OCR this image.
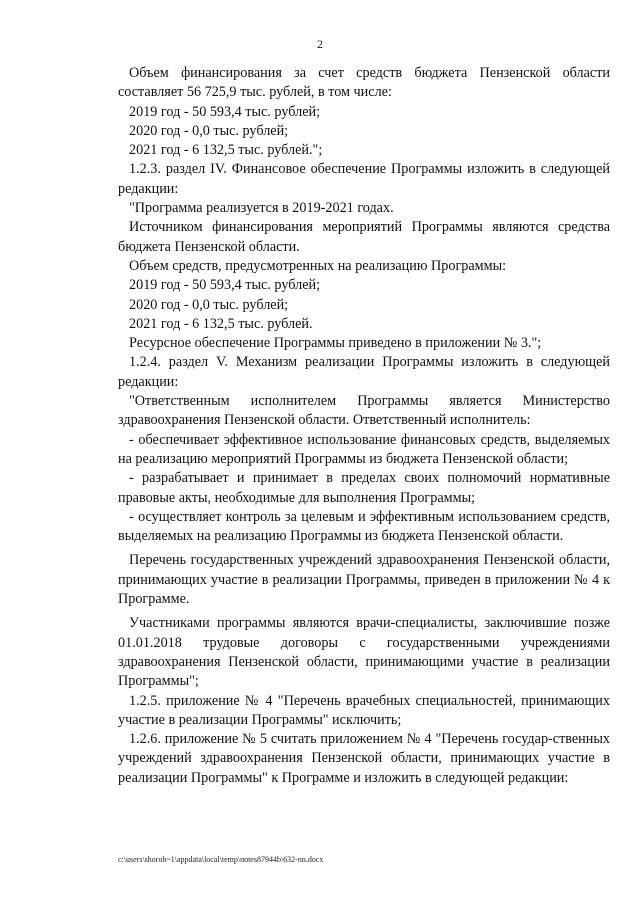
2

Объем финансирования за счет средств бюджета Пензенской области составляет 56 725,9 тыс. рублей, в том числе:

2019 год - 50 593,4 тыс. рублей;

2020 год - 0,0 тыс. рублей;

2021 год - 6 132,5 тыс. рублей.";

1.2.3. раздел IV. Финансовое обеспечение Программы изложить в следующей редакции:

"Программа реализуется в 2019-2021 годах.

Источником финансирования мероприятий Программы являются средства бюджета Пензенской области.

Объем средств, предусмотренных на реализацию Программы:

2019 год - 50 593,4 тыс. рублей;

2020 год - 0,0 тыс. рублей;

2021 год - 6 132,5 тыс. рублей.

Ресурсное обеспечение Программы приведено в приложении № 3.";

1.2.4. раздел V. Механизм реализации Программы изложить в следующей редакции:

"Ответственным исполнителем Программы является Министерство здравоохранения Пензенской области. Ответственный исполнитель:

- обеспечивает эффективное использование финансовых средств, выделяемых на реализацию мероприятий Программы из бюджета Пензенской области;

- разрабатывает и принимает в пределах своих полномочий нормативные правовые акты, необходимые для выполнения Программы;

- осуществляет контроль за целевым и эффективным использованием средств, выделяемых на реализацию Программы из бюджета Пензенской области.

Перечень государственных учреждений здравоохранения Пензенской области, принимающих участие в реализации Программы, приведен в приложении № 4 к Программе.

Участниками программы являются врачи-специалисты, заключившие позже 01.01.2018 трудовые договоры с государственными учреждениями здравоохранения Пензенской области, принимающими участие в реализации Программы";

1.2.5. приложение № 4 "Перечень врачебных специальностей, принимающих участие в реализации Программы" исключить;

1.2.6. приложение № 5 считать приложением № 4 "Перечень государ-ственных учреждений здравоохранения Пензенской области, принимающих участие в реализации Программы" к Программе и изложить в следующей редакции:

c:\users\shoroh~1\appdata\local\temp\notes87944b\632-nn.docx
